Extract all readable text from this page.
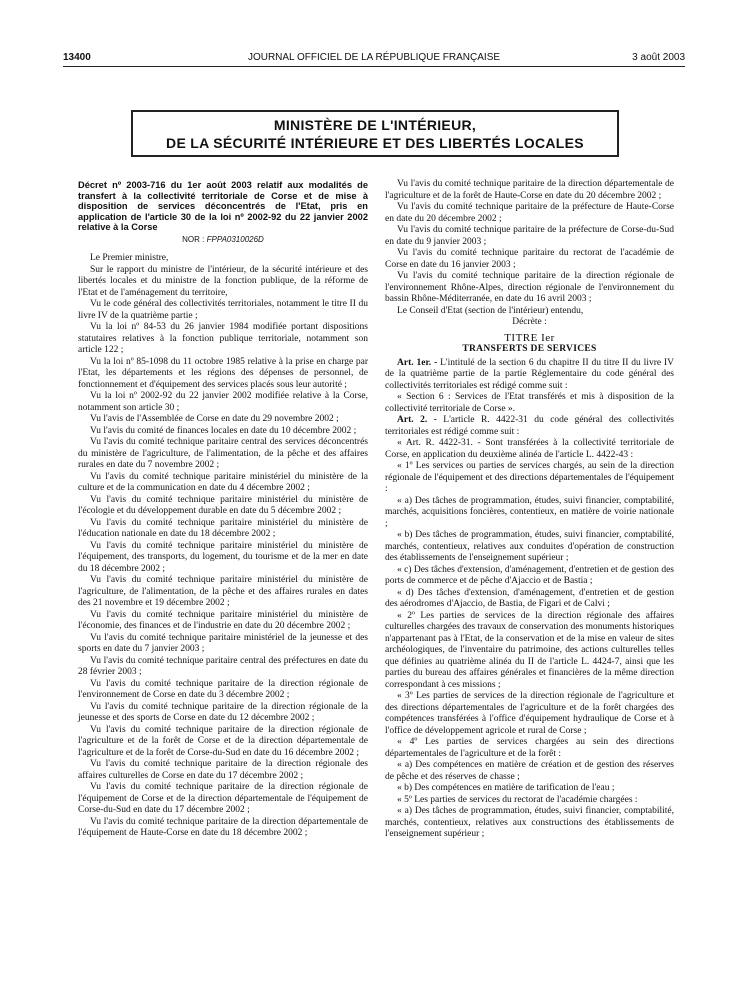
13400	JOURNAL OFFICIEL DE LA RÉPUBLIQUE FRANÇAISE	3 août 2003
MINISTÈRE DE L'INTÉRIEUR,
DE LA SÉCURITÉ INTÉRIEURE ET DES LIBERTÉS LOCALES

Décret nº 2003-716 du 1er août 2003 relatif aux modalités de transfert à la collectivité territoriale de Corse et de mise à disposition de services déconcentrés de l'Etat, pris en application de l'article 30 de la loi nº 2002-92 du 22 janvier 2002 relative à la Corse

NOR : FPPA0310026D

Le Premier ministre,

Sur le rapport du ministre de l'intérieur, de la sécurité intérieure et des libertés locales et du ministre de la fonction publique, de la réforme de l'Etat et de l'aménagement du territoire,

Vu le code général des collectivités territoriales, notamment le titre II du livre IV de la quatrième partie ;

Vu la loi nº 84-53 du 26 janvier 1984 modifiée portant dispositions statutaires relatives à la fonction publique territoriale, notamment son article 122 ;

Vu la loi nº 85-1098 du 11 octobre 1985 relative à la prise en charge par l'Etat, les départements et les régions des dépenses de personnel, de fonctionnement et d'équipement des services placés sous leur autorité ;

Vu la loi nº 2002-92 du 22 janvier 2002 modifiée relative à la Corse, notamment son article 30 ;

Vu l'avis de l'Assemblée de Corse en date du 29 novembre 2002 ;

Vu l'avis du comité de finances locales en date du 10 décembre 2002 ;

Vu l'avis du comité technique paritaire central des services déconcentrés du ministère de l'agriculture, de l'alimentation, de la pêche et des affaires rurales en date du 7 novembre 2002 ;

Vu l'avis du comité technique paritaire ministériel du ministère de la culture et de la communication en date du 4 décembre 2002 ;

Vu l'avis du comité technique paritaire ministériel du ministère de l'écologie et du développement durable en date du 5 décembre 2002 ;

Vu l'avis du comité technique paritaire ministériel du ministère de l'éducation nationale en date du 18 décembre 2002 ;

Vu l'avis du comité technique paritaire ministériel du ministère de l'équipement, des transports, du logement, du tourisme et de la mer en date du 18 décembre 2002 ;

Vu l'avis du comité technique paritaire ministériel du ministère de l'agriculture, de l'alimentation, de la pêche et des affaires rurales en dates des 21 novembre et 19 décembre 2002 ;

Vu l'avis du comité technique paritaire ministériel du ministère de l'économie, des finances et de l'industrie en date du 20 décembre 2002 ;

Vu l'avis du comité technique paritaire ministériel de la jeunesse et des sports en date du 7 janvier 2003 ;

Vu l'avis du comité technique paritaire central des préfectures en date du 28 février 2003 ;

Vu l'avis du comité technique paritaire de la direction régionale de l'environnement de Corse en date du 3 décembre 2002 ;

Vu l'avis du comité technique paritaire de la direction régionale de la jeunesse et des sports de Corse en date du 12 décembre 2002 ;

Vu l'avis du comité technique paritaire de la direction régionale de l'agriculture et de la forêt de Corse et de la direction départementale de l'agriculture et de la forêt de Corse-du-Sud en date du 16 décembre 2002 ;

Vu l'avis du comité technique paritaire de la direction régionale des affaires culturelles de Corse en date du 17 décembre 2002 ;

Vu l'avis du comité technique paritaire de la direction régionale de l'équipement de Corse et de la direction départementale de l'équipement de Corse-du-Sud en date du 17 décembre 2002 ;

Vu l'avis du comité technique paritaire de la direction départementale de l'équipement de Haute-Corse en date du 18 décembre 2002 ;

Vu l'avis du comité technique paritaire de la direction départementale de l'agriculture et de la forêt de Haute-Corse en date du 20 décembre 2002 ;

Vu l'avis du comité technique paritaire de la préfecture de Haute-Corse en date du 20 décembre 2002 ;

Vu l'avis du comité technique paritaire de la préfecture de Corse-du-Sud en date du 9 janvier 2003 ;

Vu l'avis du comité technique paritaire du rectorat de l'académie de Corse en date du 16 janvier 2003 ;

Vu l'avis du comité technique paritaire de la direction régionale de l'environnement Rhône-Alpes, direction régionale de l'environnement du bassin Rhône-Méditerranée, en date du 16 avril 2003 ;

Le Conseil d'Etat (section de l'intérieur) entendu,

Décrète :

TITRE Ier

TRANSFERTS DE SERVICES

Art. 1er. - L'intitulé de la section 6 du chapitre II du titre II du livre IV de la quatrième partie de la partie Réglementaire du code général des collectivités territoriales est rédigé comme suit :

« Section 6 : Services de l'Etat transférés et mis à disposition de la collectivité territoriale de Corse ».

Art. 2. - L'article R. 4422-31 du code général des collectivités territoriales est rédigé comme suit :

« Art. R. 4422-31. - Sont transférées à la collectivité territoriale de Corse, en application du deuxième alinéa de l'article L. 4422-43 :

« 1º Les services ou parties de services chargés, au sein de la direction régionale de l'équipement et des directions départementales de l'équipement :

« a) Des tâches de programmation, études, suivi financier, comptabilité, marchés, acquisitions foncières, contentieux, en matière de voirie nationale ;

« b) Des tâches de programmation, études, suivi financier, comptabilité, marchés, contentieux, relatives aux conduites d'opération de construction des établissements de l'enseignement supérieur ;

« c) Des tâches d'extension, d'aménagement, d'entretien et de gestion des ports de commerce et de pêche d'Ajaccio et de Bastia ;

« d) Des tâches d'extension, d'aménagement, d'entretien et de gestion des aérodromes d'Ajaccio, de Bastia, de Figari et de Calvi ;

« 2º Les parties de services de la direction régionale des affaires culturelles chargées des travaux de conservation des monuments historiques n'appartenant pas à l'Etat, de la conservation et de la mise en valeur de sites archéologiques, de l'inventaire du patrimoine, des actions culturelles telles que définies au quatrième alinéa du II de l'article L. 4424-7, ainsi que les parties du bureau des affaires générales et financières de la même direction correspondant à ces missions ;

« 3º Les parties de services de la direction régionale de l'agriculture et des directions départementales de l'agriculture et de la forêt chargées des compétences transférées à l'office d'équipement hydraulique de Corse et à l'office de développement agricole et rural de Corse ;

« 4º Les parties de services chargées au sein des directions départementales de l'agriculture et de la forêt :

« a) Des compétences en matière de création et de gestion des réserves de pêche et des réserves de chasse ;

« b) Des compétences en matière de tarification de l'eau ;

« 5º Les parties de services du rectorat de l'académie chargées :

« a) Des tâches de programmation, études, suivi financier, comptabilité, marchés, contentieux, relatives aux constructions des établissements de l'enseignement supérieur ;
